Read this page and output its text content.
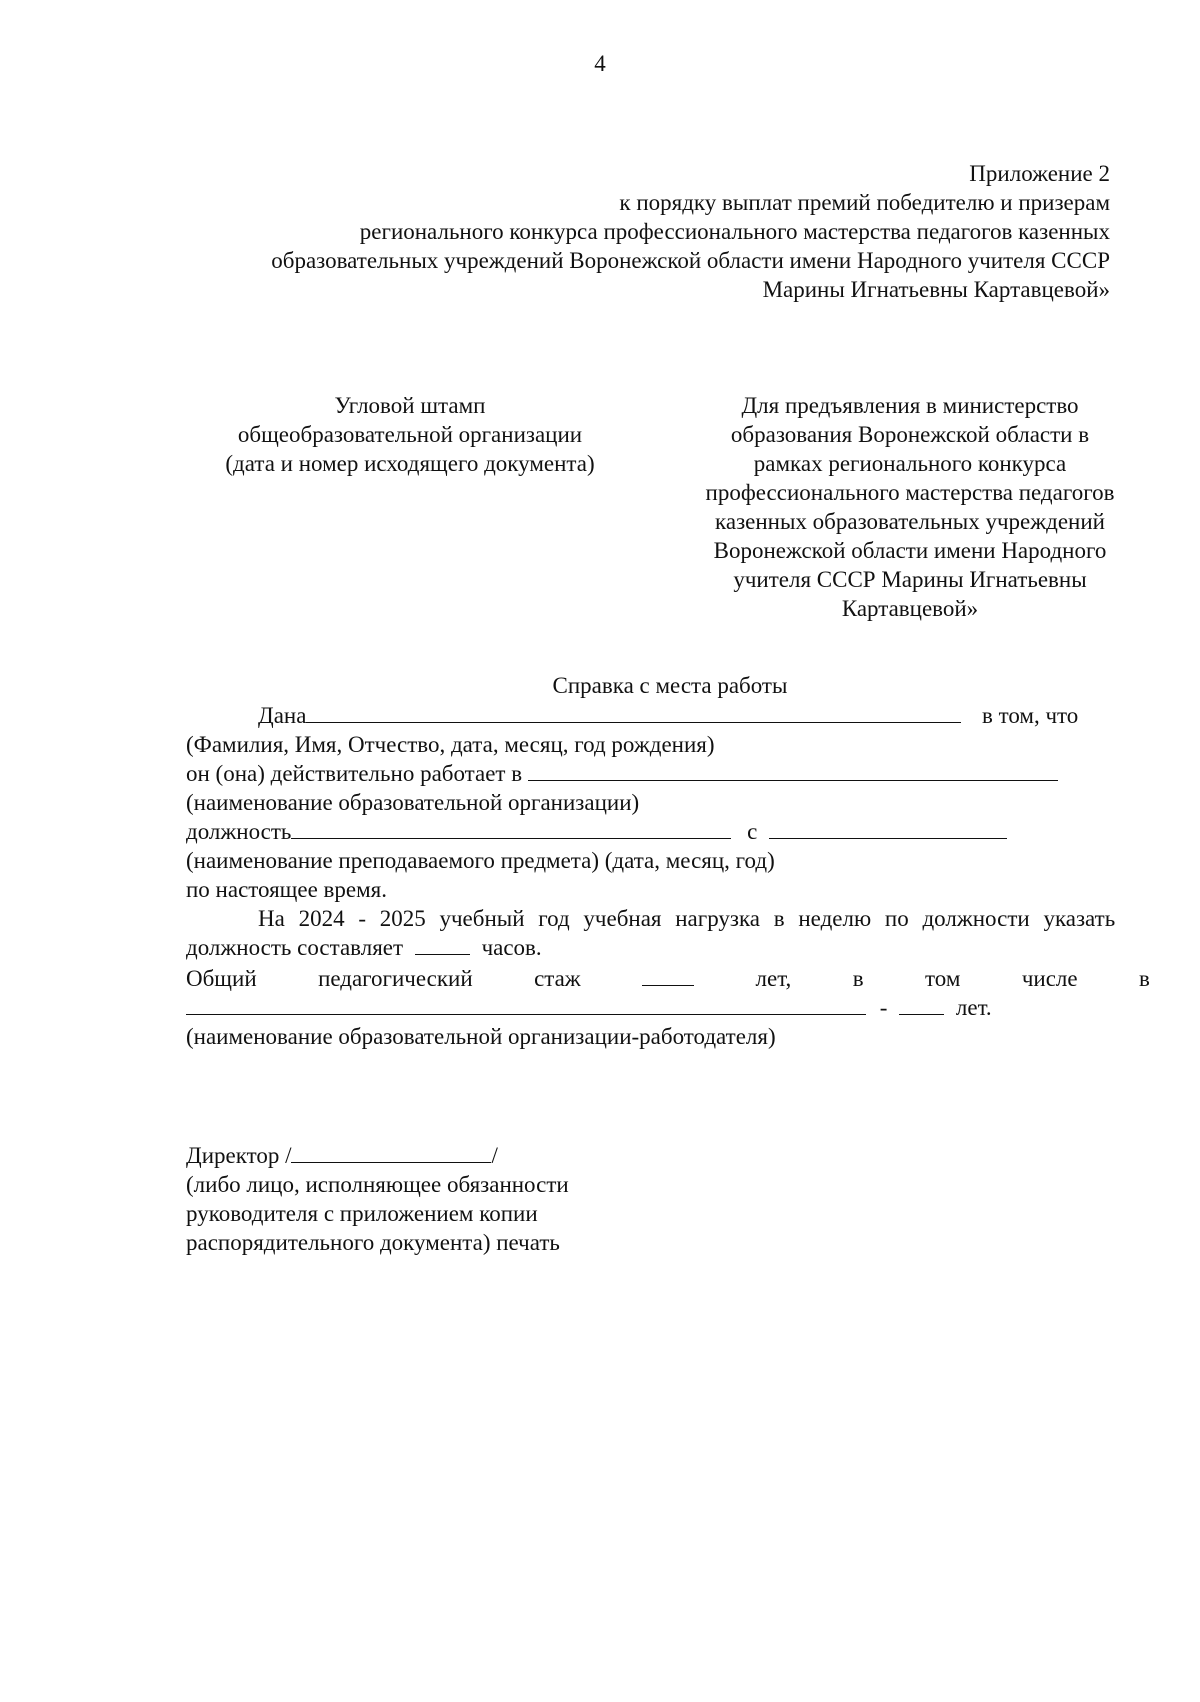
4
Приложение 2
к порядку выплат премий победителю и призерам
регионального конкурса профессионального мастерства педагогов казенных
образовательных учреждений Воронежской области имени Народного учителя СССР
Марины Игнатьевны Картавцевой»
Угловой штамп
общеобразовательной организации
(дата и номер исходящего документа)
Для предъявления в министерство
образования Воронежской области в
рамках регионального конкурса
профессионального мастерства педагогов
казенных образовательных учреждений
Воронежской области имени Народного
учителя СССР Марины Игнатьевны
Картавцевой»
Справка с места работы
Дана	в том, что
(Фамилия, Имя, Отчество, дата, месяц, год рождения)
он (она) действительно работает в
(наименование образовательной организации)
должность	с
(наименование преподаваемого предмета) (дата, месяц, год)
по настоящее время.
На 2024 - 2025 учебный год учебная нагрузка в неделю по должности указать
должность составляет	часов.
Общий	педагогический	стаж	лет,	в	том	числе	в
-	лет.
(наименование образовательной организации-работодателя)
Директор /	/
(либо лицо, исполняющее обязанности
руководителя с приложением копии
распорядительного документа) печать
